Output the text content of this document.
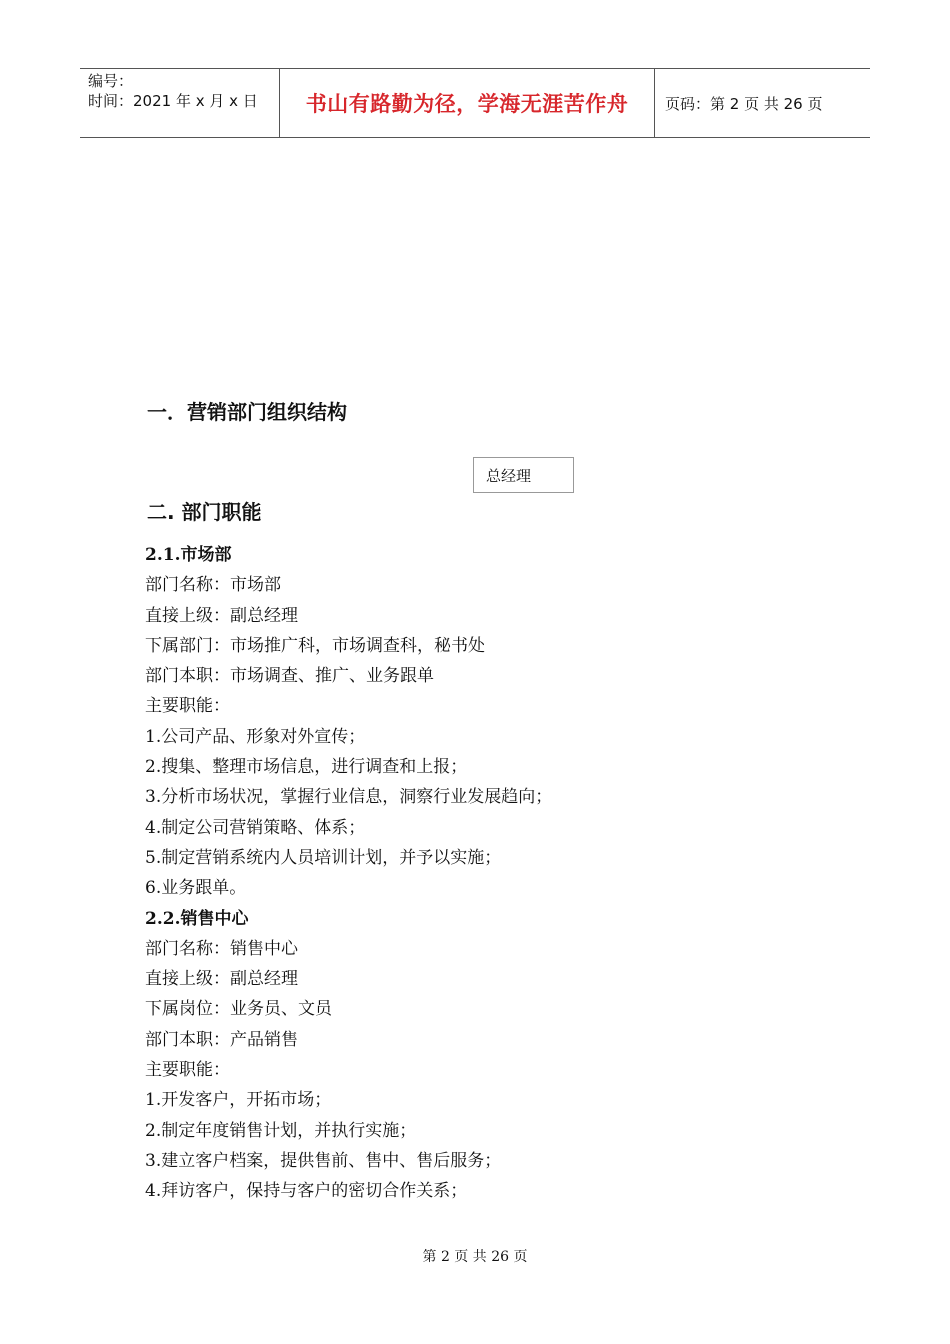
编号：
时间：2021 年 x 月 x 日	书山有路勤为径，学海无涯苦作舟	页码：第 2 页 共 26 页
一．营销部门组织结构
总经理
二. 部门职能
2.1.市场部
部门名称：市场部
直接上级：副总经理
下属部门：市场推广科，市场调查科，秘书处
部门本职：市场调查、推广、业务跟单
主要职能：
1.公司产品、形象对外宣传；
2.搜集、整理市场信息，进行调查和上报；
3.分析市场状况，掌握行业信息，洞察行业发展趋向；
4.制定公司营销策略、体系；
5.制定营销系统内人员培训计划，并予以实施；
6.业务跟单。
2.2.销售中心
部门名称：销售中心
直接上级：副总经理
下属岗位：业务员、文员
部门本职：产品销售
主要职能：
1.开发客户，开拓市场；
2.制定年度销售计划，并执行实施；
3.建立客户档案，提供售前、售中、售后服务；
4.拜访客户，保持与客户的密切合作关系；
第 2 页 共 26 页
